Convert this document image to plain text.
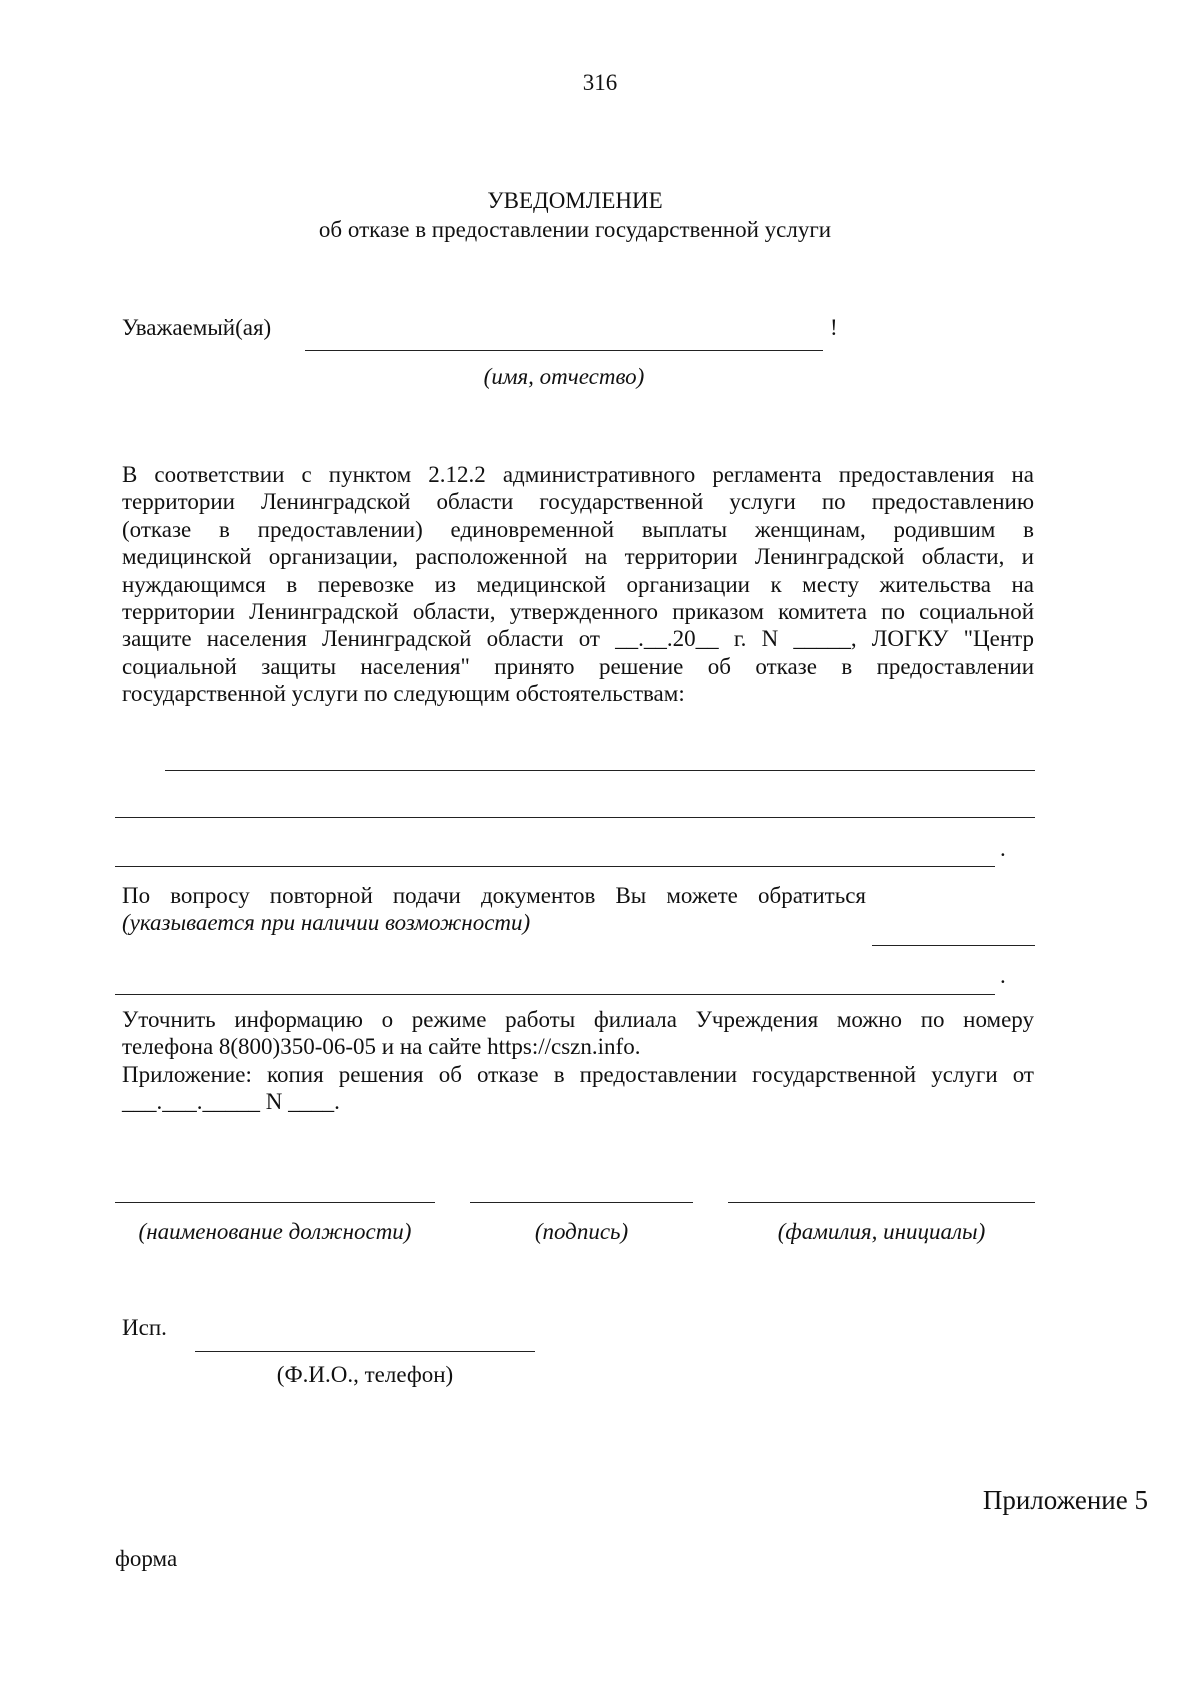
316
УВЕДОМЛЕНИЕ
об отказе в предоставлении государственной услуги
Уважаемый(ая)	!
(имя, отчество)
В соответствии с пунктом 2.12.2 административного регламента предоставления на
территории Ленинградской области государственной услуги по предоставлению
(отказе в предоставлении) единовременной выплаты женщинам, родившим в
медицинской организации, расположенной на территории Ленинградской области, и
нуждающимся в перевозке из медицинской организации к месту жительства на
территории Ленинградской области, утвержденного приказом комитета по социальной
защите населения Ленинградской области от __.__.20__ г. N _____, ЛОГКУ "Центр
социальной защиты населения" принято решение об отказе в предоставлении
государственной услуги по следующим обстоятельствам:
.
По вопросу повторной подачи документов Вы можете обратиться
(указывается при наличии возможности)
.
Уточнить информацию о режиме работы филиала Учреждения можно по номеру
телефона 8(800)350-06-05 и на сайте https://cszn.info.
Приложение: копия решения об отказе в предоставлении государственной услуги от
___.___._____ N ____.
(наименование должности)	(подпись)	(фамилия, инициалы)
Исп.
(Ф.И.О., телефон)
Приложение 5
форма
